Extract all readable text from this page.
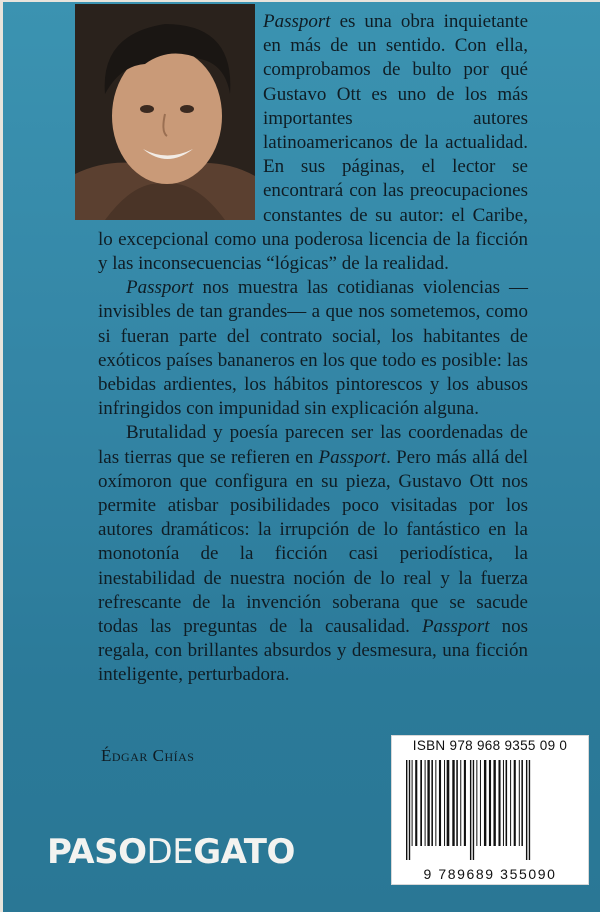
Passport es una obra inquietante en más de un sentido. Con ella, comprobamos de bulto por qué Gustavo Ott es uno de los más importantes autores latinoamericanos de la actualidad. En sus páginas, el lector se encontrará con las preocupaciones constantes de su autor: el Caribe, lo excepcional como una poderosa licencia de la ficción y las inconsecuencias “lógicas” de la realidad.

Passport nos muestra las cotidianas violencias —invisibles de tan grandes— a que nos sometemos, como si fueran parte del contrato social, los habitantes de exóticos países bananeros en los que todo es posible: las bebidas ardientes, los hábitos pintorescos y los abusos infringidos con impunidad sin explicación alguna.

Brutalidad y poesía parecen ser las coordenadas de las tierras que se refieren en Passport. Pero más allá del oxímoron que configura en su pieza, Gustavo Ott nos permite atisbar posibilidades poco visitadas por los autores dramáticos: la irrupción de lo fantástico en la monotonía de la ficción casi periodística, la inestabilidad de nuestra noción de lo real y la fuerza refrescante de la invención soberana que se sacude todas las preguntas de la causalidad. Passport nos regala, con brillantes absurdos y desmesura, una ficción inteligente, perturbadora.

Édgar Chías
ISBN 978 968 9355 09 0
9 789689 355090
PASODEGATO
